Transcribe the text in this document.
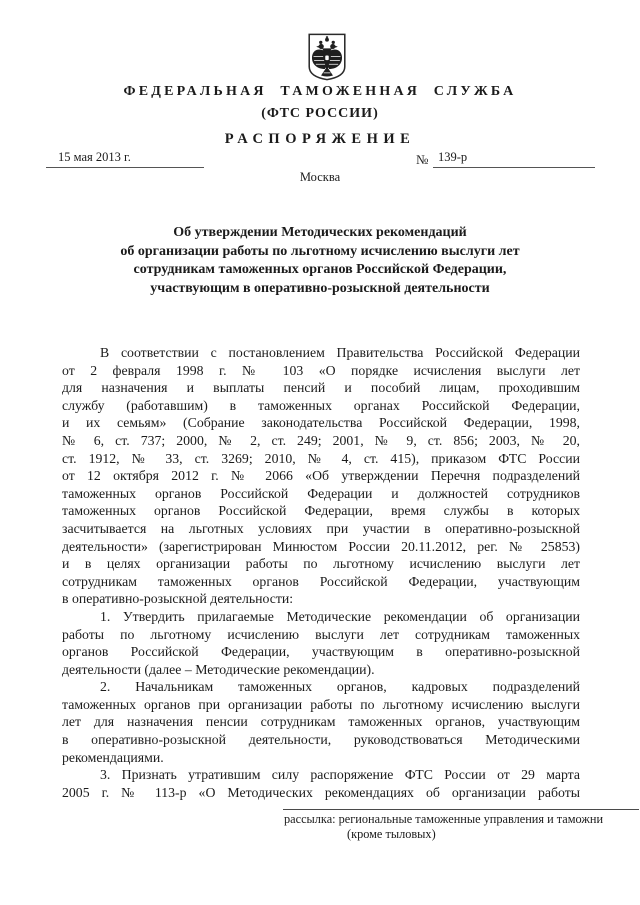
ФЕДЕРАЛЬНАЯ ТАМОЖЕННАЯ СЛУЖБА
(ФТС РОССИИ)
РАСПОРЯЖЕНИЕ
15 мая 2013 г.	№ 139-р
Москва
Об утверждении Методических рекомендаций
об организации работы по льготному исчислению выслуги лет
сотрудникам таможенных органов Российской Федерации,
участвующим в оперативно-розыскной деятельности
В соответствии с постановлением Правительства Российской Федерации
от 2 февраля 1998 г. № 103 «О порядке исчисления выслуги лет
для назначения и выплаты пенсий и пособий лицам, проходившим
службу (работавшим) в таможенных органах Российской Федерации,
и их семьям» (Собрание законодательства Российской Федерации, 1998,
№ 6, ст. 737; 2000, № 2, ст. 249; 2001, № 9, ст. 856; 2003, № 20,
ст. 1912, № 33, ст. 3269; 2010, № 4, ст. 415), приказом ФТС России
от 12 октября 2012 г. № 2066 «Об утверждении Перечня подразделений
таможенных органов Российской Федерации и должностей сотрудников
таможенных органов Российской Федерации, время службы в которых
засчитывается на льготных условиях при участии в оперативно-розыскной
деятельности» (зарегистрирован Минюстом России 20.11.2012, рег. № 25853)
и в целях организации работы по льготному исчислению выслуги лет
сотрудникам таможенных органов Российской Федерации, участвующим
в оперативно-розыскной деятельности:
1. Утвердить прилагаемые Методические рекомендации об организации
работы по льготному исчислению выслуги лет сотрудникам таможенных
органов Российской Федерации, участвующим в оперативно-розыскной
деятельности (далее – Методические рекомендации).
2. Начальникам таможенных органов, кадровых подразделений
таможенных органов при организации работы по льготному исчислению выслуги
лет для назначения пенсии сотрудникам таможенных органов, участвующим
в оперативно-розыскной деятельности, руководствоваться Методическими
рекомендациями.
3. Признать утратившим силу распоряжение ФТС России от 29 марта
2005 г. № 113-р «О Методических рекомендациях об организации работы
рассылка: региональные таможенные управления и таможни
(кроме тыловых)
